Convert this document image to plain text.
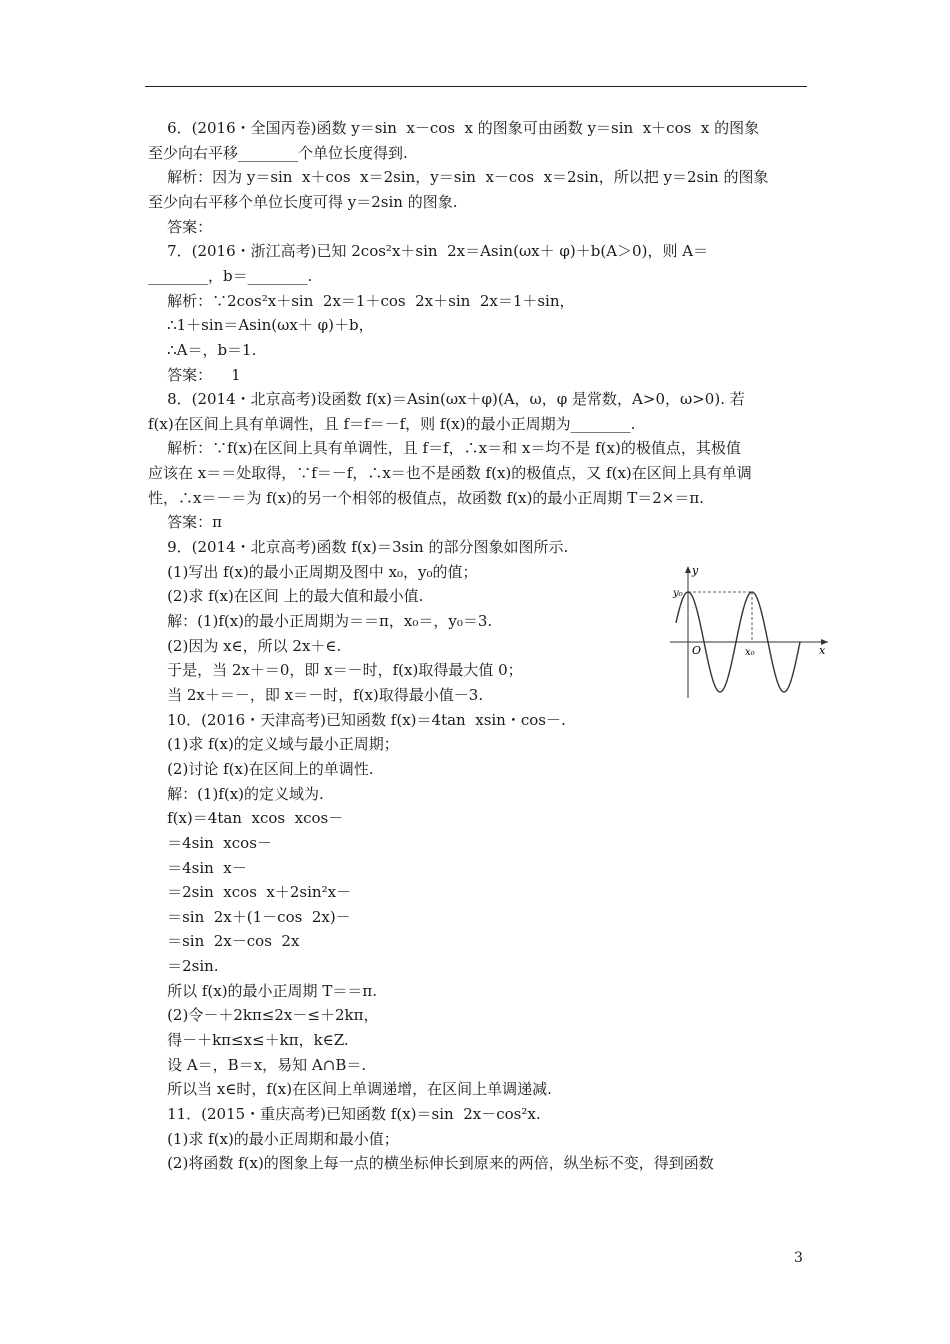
6．(2016・全国丙卷)函数 y＝sin  x－cos  x 的图象可由函数 y＝sin  x＋cos  x 的图象
至少向右平移________个单位长度得到.
解析：因为 y＝sin  x＋cos  x＝2sin，y＝sin  x－cos  x＝2sin，所以把 y＝2sin 的图象
至少向右平移个单位长度可得 y＝2sin 的图象.
答案：
7．(2016・浙江高考)已知 2cos²x＋sin  2x＝Asin(ωx＋ φ)＋b(A＞0)，则 A＝
________，b＝________.
解析：∵2cos²x＋sin  2x＝1＋cos  2x＋sin  2x＝1＋sin，
∴1＋sin＝Asin(ωx＋ φ)＋b，
∴A＝，b＝1.
答案：    1
8．(2014・北京高考)设函数 f(x)＝Asin(ωx＋φ)(A，ω，φ 是常数，A>0，ω>0). 若
f(x)在区间上具有单调性，且 f＝f＝－f，则 f(x)的最小正周期为________.
解析：∵f(x)在区间上具有单调性，且 f＝f，∴x＝和 x＝均不是 f(x)的极值点，其极值
应该在 x＝＝处取得，∵f＝－f，∴x＝也不是函数 f(x)的极值点，又 f(x)在区间上具有单调
性，∴x＝－＝为 f(x)的另一个相邻的极值点，故函数 f(x)的最小正周期 T＝2×＝π.
答案：π
9．(2014・北京高考)函数 f(x)＝3sin 的部分图象如图所示.
(1)写出 f(x)的最小正周期及图中 x₀，y₀的值；
(2)求 f(x)在区间 上的最大值和最小值.
解：(1)f(x)的最小正周期为＝＝π，x₀＝，y₀＝3.
(2)因为 x∈，所以 2x＋∈.
于是，当 2x＋＝0，即 x＝－时，f(x)取得最大值 0；
当 2x＋＝－，即 x＝－时，f(x)取得最小值－3.
10．(2016・天津高考)已知函数 f(x)＝4tan  xsin・cos－.
(1)求 f(x)的定义域与最小正周期；
(2)讨论 f(x)在区间上的单调性.
解：(1)f(x)的定义域为.
f(x)＝4tan  xcos  xcos－
＝4sin  xcos－
＝4sin  x－
＝2sin  xcos  x＋2sin²x－
＝sin  2x＋(1－cos  2x)－
＝sin  2x－cos  2x
＝2sin.
所以 f(x)的最小正周期 T＝＝π.
(2)令－＋2kπ≤2x－≤＋2kπ，
得－＋kπ≤x≤＋kπ，k∈Z.
设 A＝，B＝x，易知 A∩B＝.
所以当 x∈时，f(x)在区间上单调递增，在区间上单调递减.
11．(2015・重庆高考)已知函数 f(x)＝sin  2x－cos²x.
(1)求 f(x)的最小正周期和最小值；
(2)将函数 f(x)的图象上每一点的横坐标伸长到原来的两倍，纵坐标不变，得到函数
y
x
O
y₀
x₀
3
